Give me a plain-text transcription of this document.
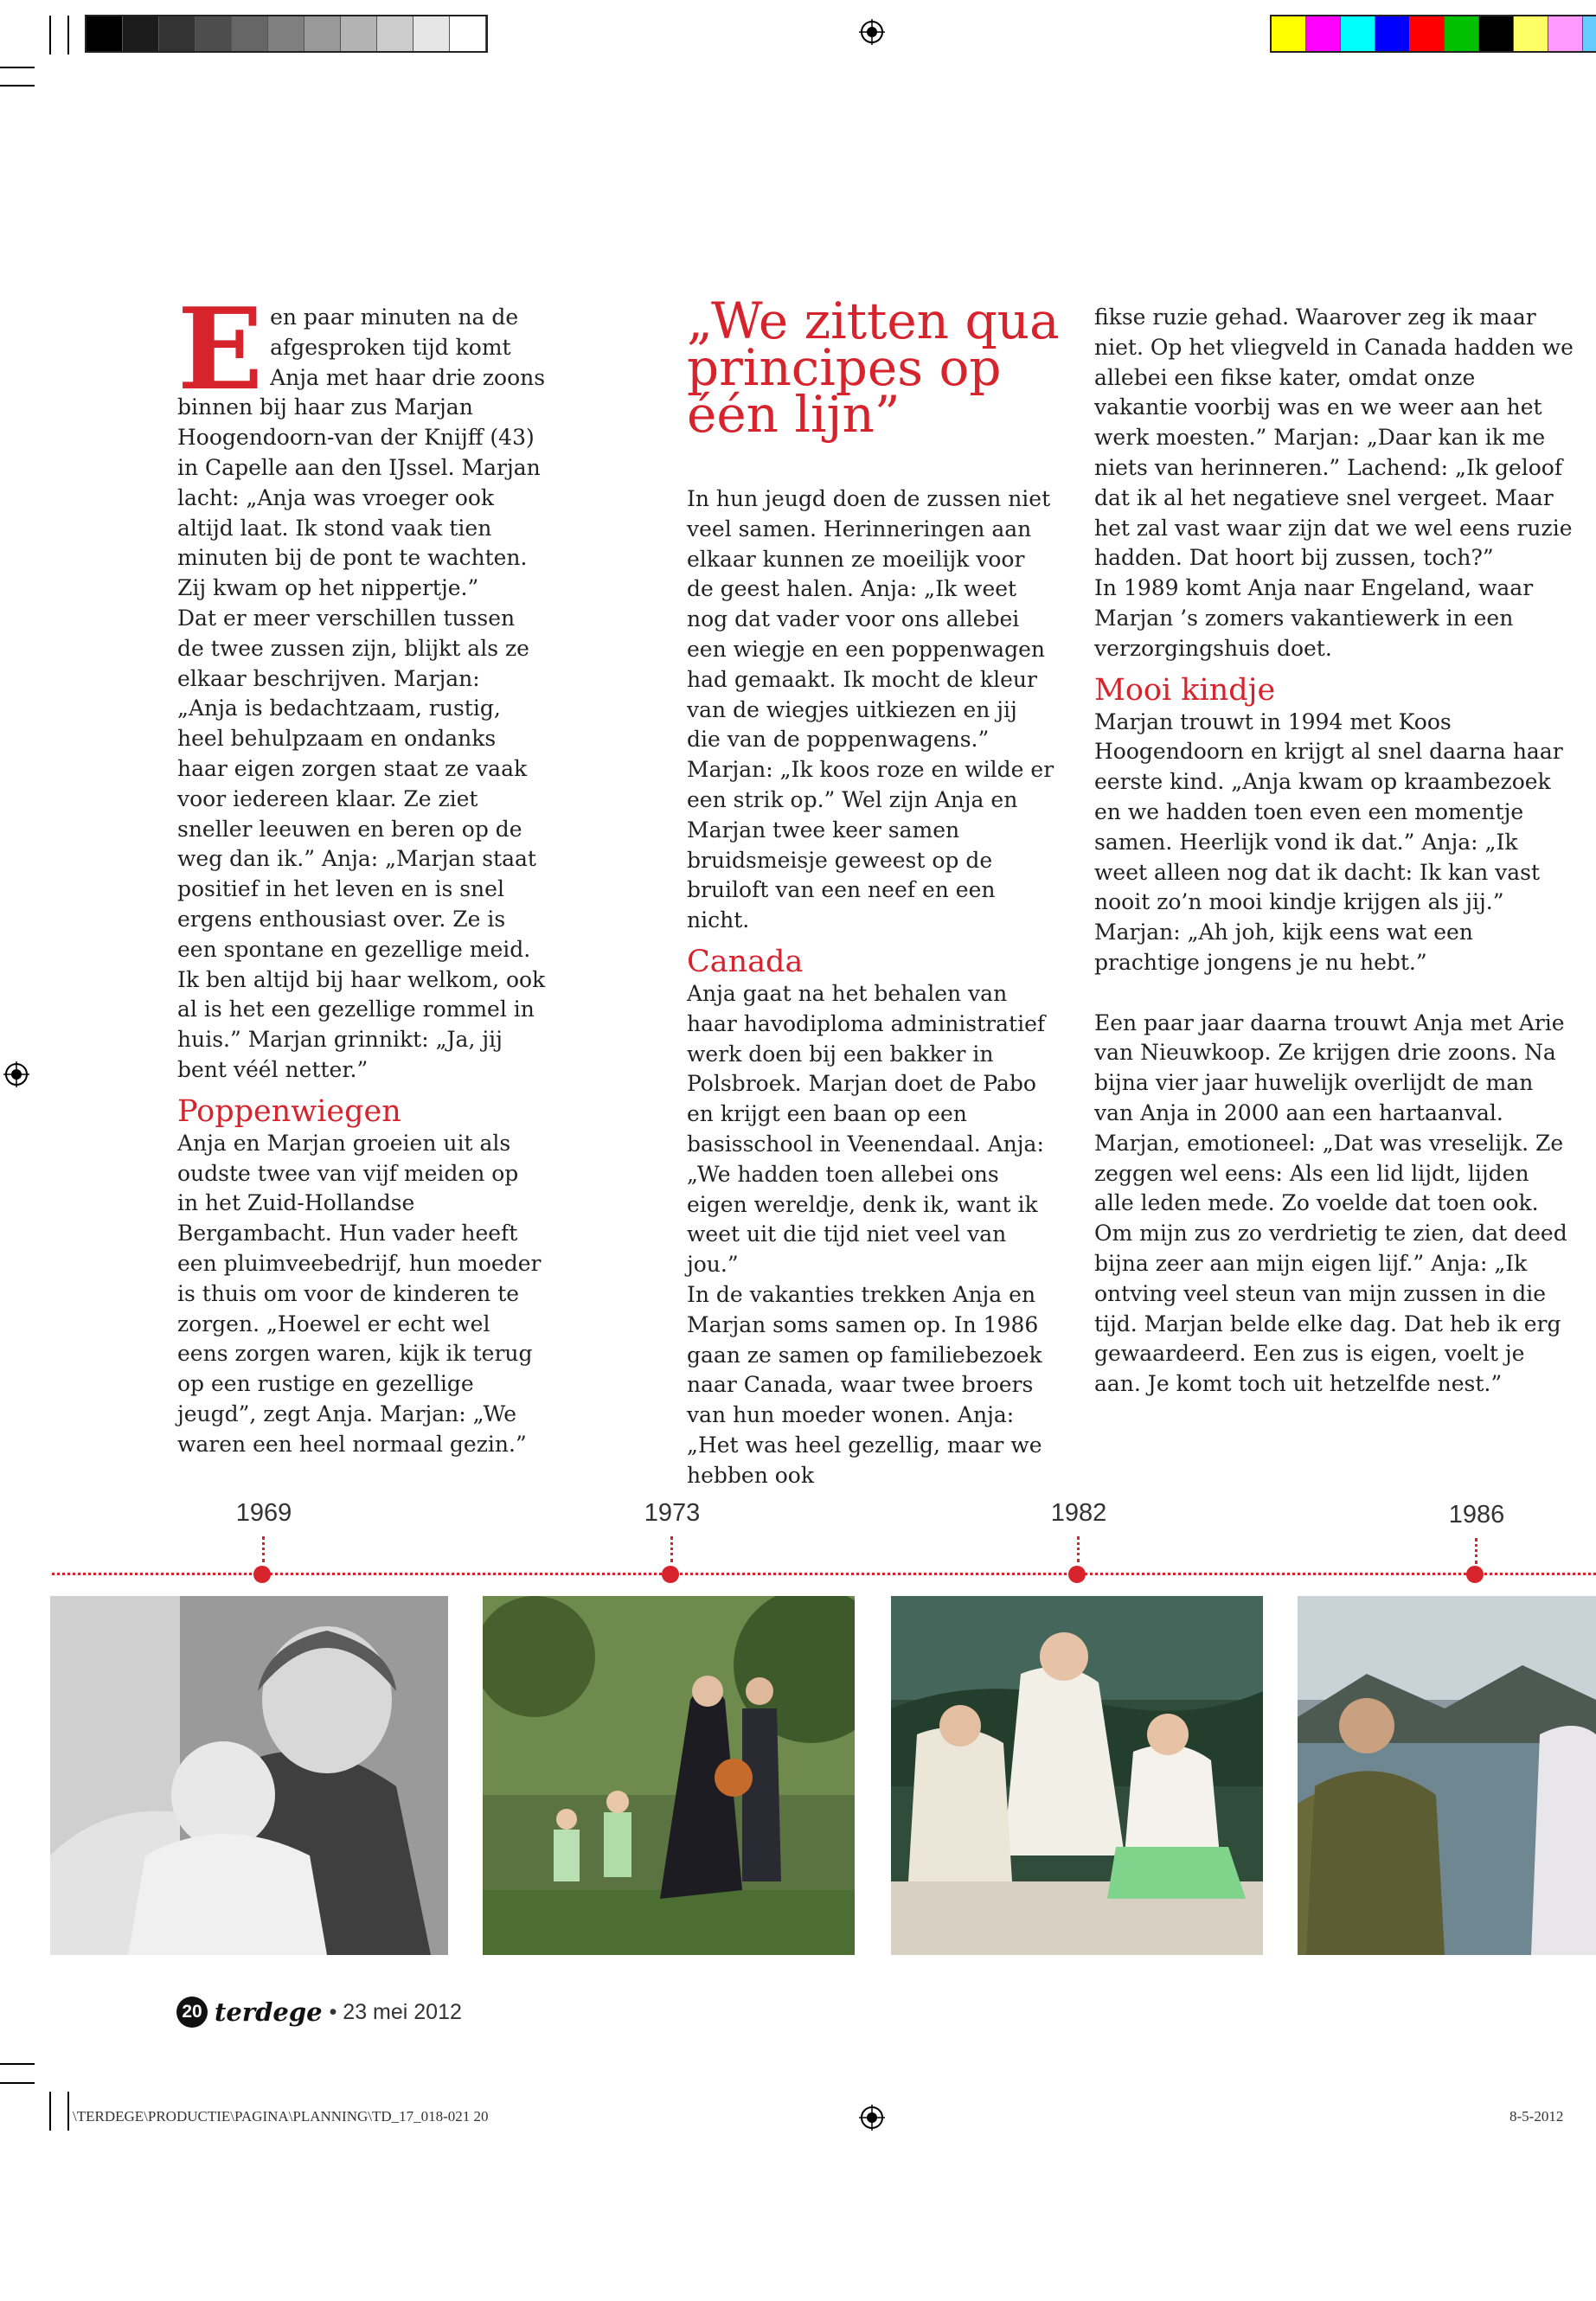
E en paar minuten na de afgesproken tijd komt Anja met haar drie zoons binnen bij haar zus Marjan Hoogendoorn-van der Knijff (43) in Capelle aan den IJssel. Marjan lacht: „Anja was vroeger ook altijd laat. Ik stond vaak tien minuten bij de pont te wachten. Zij kwam op het nippertje.”

Dat er meer verschillen tussen de twee zussen zijn, blijkt als ze elkaar beschrijven. Marjan: „Anja is bedachtzaam, rustig, heel behulpzaam en ondanks haar eigen zorgen staat ze vaak voor iedereen klaar. Ze ziet sneller leeuwen en beren op de weg dan ik.” Anja: „Marjan staat positief in het leven en is snel ergens enthousiast over. Ze is een spontane en gezellige meid. Ik ben altijd bij haar welkom, ook al is het een gezellige rommel in huis.” Marjan grinnikt: „Ja, jij bent véél netter.”

Poppenwiegen

Anja en Marjan groeien uit als oudste twee van vijf meiden op in het Zuid-Hollandse Bergambacht. Hun vader heeft een pluimveebedrijf, hun moeder is thuis om voor de kinderen te zorgen. „Hoewel er echt wel eens zorgen waren, kijk ik terug op een rustige en gezellige jeugd”, zegt Anja. Marjan: „We waren een heel normaal gezin.”

„We zitten qua principes op één lijn”

In hun jeugd doen de zussen niet veel samen. Herinneringen aan elkaar kunnen ze moeilijk voor de geest halen. Anja: „Ik weet nog dat vader voor ons allebei een wiegje en een poppenwagen had gemaakt. Ik mocht de kleur van de wiegjes uitkiezen en jij die van de poppenwagens.” Marjan: „Ik koos roze en wilde er een strik op.” Wel zijn Anja en Marjan twee keer samen bruidsmeisje geweest op de bruiloft van een neef en een nicht.

Canada

Anja gaat na het behalen van haar havodiploma administratief werk doen bij een bakker in Polsbroek. Marjan doet de Pabo en krijgt een baan op een basisschool in Veenendaal. Anja: „We hadden toen allebei ons eigen wereldje, denk ik, want ik weet uit die tijd niet veel van jou.”

In de vakanties trekken Anja en Marjan soms samen op. In 1986 gaan ze samen op familiebezoek naar Canada, waar twee broers van hun moeder wonen. Anja: „Het was heel gezellig, maar we hebben ook

fikse ruzie gehad. Waarover zeg ik maar niet. Op het vliegveld in Canada hadden we allebei een fikse kater, omdat onze vakantie voorbij was en we weer aan het werk moesten.” Marjan: „Daar kan ik me niets van herinneren.” Lachend: „Ik geloof dat ik al het negatieve snel vergeet. Maar het zal vast waar zijn dat we wel eens ruzie hadden. Dat hoort bij zussen, toch?”

In 1989 komt Anja naar Engeland, waar Marjan ’s zomers vakantiewerk in een verzorgingshuis doet.

Mooi kindje

Marjan trouwt in 1994 met Koos Hoogendoorn en krijgt al snel daarna haar eerste kind. „Anja kwam op kraambezoek en we hadden toen even een momentje samen. Heerlijk vond ik dat.” Anja: „Ik weet alleen nog dat ik dacht: Ik kan vast nooit zo’n mooi kindje krijgen als jij.” Marjan: „Ah joh, kijk eens wat een prachtige jongens je nu hebt.”

Een paar jaar daarna trouwt Anja met Arie van Nieuwkoop. Ze krijgen drie zoons. Na bijna vier jaar huwelijk overlijdt de man van Anja in 2000 aan een hartaanval. Marjan, emotioneel: „Dat was vreselijk. Ze zeggen wel eens: Als een lid lijdt, lijden alle leden mede. Zo voelde dat toen ook. Om mijn zus zo verdrietig te zien, dat deed bijna zeer aan mijn eigen lijf.” Anja: „Ik ontving veel steun van mijn zussen in die tijd. Marjan belde elke dag. Dat heb ik erg gewaardeerd. Een zus is eigen, voelt je aan. Je komt toch uit hetzelfde nest.”

1969	1973	1982	1986
20 terdege • 23 mei 2012
\TERDEGE\PRODUCTIE\PAGINA\PLANNING\TD_17_018-021 20	8-5-2012
